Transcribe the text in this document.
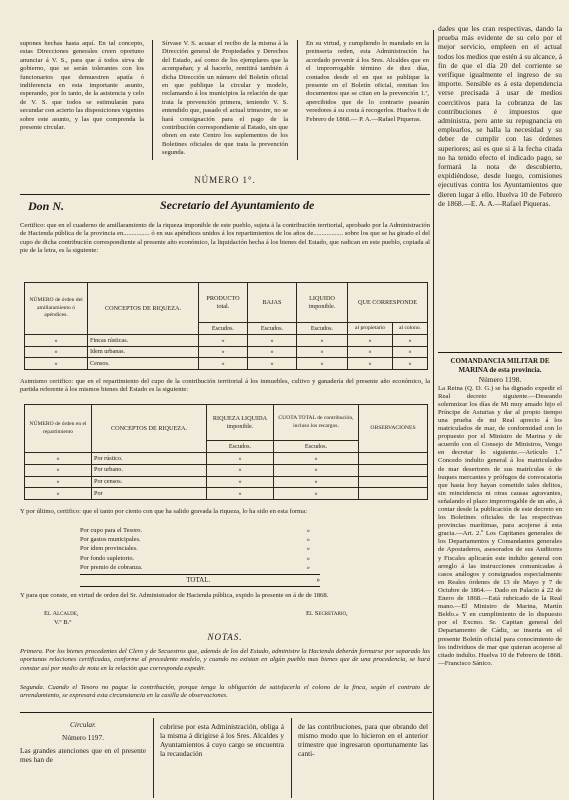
supones hechas hasta aquí. En tal concepto, estas Direcciones generales creen oportuno anunciar á V. S., para que á todos sirva de gobierno, que se serán tolerantes con los funcionarios que demuestren apatía ó indiferencia en esta importante asunto, esperando, por lo tanto, de la asistencia y celo de V. S. que todos se estimularán para secundar con acierto las disposiciones vigentes sobre este asunto, y las que comprenda la presente circular.

Sírvase V. S. acusar el recibo de la misma á la Dirección general de Propiedades y Derechos del Estado, así como de los ejemplares que la acompañan; y al hacerlo, remitirá también á dicha Dirección un número del Boletín oficial en que publique la circular y modelo, reclamando á los municipios la relación de que trata la prevención primera, teniendo V. S. entendido que, pasado el actual trimestre, no se hará consignación para el pago de la contribución correspondiente al Estado, sin que obren en este Centro los suplementos de los Boletines oficiales de que trata la prevención segunda.

En su virtud, y cumpliendo lo mandado en la preinserta orden, esta Administración ha acordado prevenir á los Sres. Alcaldes que en el improrrogable término de diez días, contados desde el en que se publique la presente en el Boletín oficial, remitan los documentos que se citan en la prevención 1.ª, apercibidos que de lo contrario pasarán veredores á su costa á recogerlos. Huelva 6 de Febrero de 1868.— P. A.—Rafael Piqueras.

dades que les cran respectivas, dando la prueba más evidente de su celo por el mejor servicio, empleen en el actual todos los medios que estén á su alcance, á fin de que el día 20 del corriente se verifique igualmente el ingreso de su importe. Sensible es á esta dependencia verse precisada á usar de medios coercitivos para la cobranza de las contribuciones é impuestos que administra, pero ante su repugnancia en emplearlos, se halla la necesidad y su deber de cumplir con las órdenes superiores; así es que si á la fecha citada no ha tenido efecto el indicado pago, se formará la nota de descubierto, expidiéndose, desde luego, comisiones ejecutivas contra los Ayuntamientos que dieren lugar á ello. Huelva 10 de Febrero de 1868.—E. A. A.—Rafael Piqueras.

COMANDANCIA MILITAR DE MARINA de esta provincia.

Número 1198.

La Reina (Q. D. G.) se ha dignado expedir el Real decreto siguiente.—Deseando solemnizar los días de Mi muy amado hijo el Príncipe de Asturias y dar al propio tiempo una prueba de mi Real aprecio á los matriculados de mar, de conformidad con lo propuesto por el Ministro de Marina y de acuerdo con el Consejo de Ministros, Vengo en decretar lo siguiente.—Artículo 1.º Concedo indulto general á los matriculados de mar desertores de sus matrículas ó de buques mercantes y prófugos de convocatoria que hasta hoy hayan cometido tales delitos, sin reincidencia ni otras causas agravantes, señalando el plazo improrrogable de un año, á contar desde la publicación de este decreto en los Boletines oficiales de las respectivas provincias marítimas, para acojerse á esta gracia.—Art. 2.º Los Capitanes generales de los Departamentos y Comandantes generales de Apostaderos, asesorados de sus Auditores y Fiscales aplicarán este indulto general con arreglo á las instrucciones comunicadas á casos análogos y consignados especialmente en Reales órdenes de 13 de Mayo y 7 de Octubre de 1864.— Dado en Palacio á 22 de Enero de 1868.—Está rubricado de la Real mano.—El Ministro de Marina, Martín Beldo.» Y en cumplimiento de lo dispuesto por el Excmo. Sr. Capitan general del Departamento de Cádiz, se inserta en el presente Boletín oficial para conocimiento de los individuos de mar que quieran acojerse al citado indulto. Huelva 10 de Febrero de 1868.—Francisco Sánico.

NÚMERO 1°.
Don N.	Secretario del Ayuntamiento de

Certifico: que en el cuaderno de amillaramiento de la riqueza imponible de este pueblo, sujeta á la contribución territorial, aprobado por la Administración de Hacienda pública de la provincia en................ ó en sus apéndices unidos á los repartimientos de los años de.................. sobre los que se ha girado el del cupo de dicha contribución correspondiente al presente año económico, la liquidación hecha á los bienes del Estado, que radican en este pueblo, copiada al pie de la letra, es la siguiente:

NÚMERO de órden del amillaramiento ó apéndices.	CONCEPTOS DE RIQUEZA.	PRODUCTO total.	BAJAS	LIQUIDO imponible.	QUE CORRESPONDE	
		Escudos.	Escudos.	Escudos.	al propietario	al colono.
»	Fincas rústicas.	»	»	»	»	»
»	Idem urbanas.	»	»	»	»	»
»	Censos.	»	»	»	»	»

Asimismo certifico: que en el repartimiento del cupo de la contribución territorial á los inmuebles, cultivo y ganadería del presente año económico, la partida referente á los mismos bienes del Estado es la siguiente:

NÚMERO de órden en el repartimiento	CONCEPTOS DE RIQUEZA.	RIQUEZA LIQUIDA imponible.	CUOTA TOTAL de contribución, incluso los recargos.	OBSERVACIONES
		Escudos.	Escudos.	
»	Por rústico.	»	»	
»	Por urbano.	»	»	
»	Por censos.	»	»	
»	Por	»	»	

Y por último, certifico: que el tanto por ciento con que ha salido gravada la riqueza, lo ha sido en esta forma:

Por cupo para el Tesoro.	»
Por gastos municipales.	»
Por ídem provinciales.	»
Por fondo supletorio.	»
Por premio de cobranza.	»
TOTAL.	»

Y para que conste, en virtud de orden del Sr. Administrador de Hacienda pública, expido la presente en á de de 1868.

El Alcalde,
V.º B.º
El Secretario,
NOTAS.

Primera. Por los bienes procedentes del Clero y de Secuestros que, además de los del Estado, administre la Hacienda deberán formarse por separado las oportunas relaciones certificadas, conforme al precedente modelo, y cuando no existan en algún pueblo mas bienes que de una procedencia, se hará constar así por medio de nota en la relación que corresponda expedir.

Segunda. Cuando el Tesoro no pague la contribución, porque tenga la obligación de satisfacerla el colono de la finca, según el contrato de arrendamiento, se expresará esta circunstancia en la casilla de observaciones.

Circular.

Número 1197.

Las grandes atenciones que en el presente mes han de

cubrirse por esta Administración, obliga á la misma á dirigirse á los Sres. Alcaldes y Ayuntamientos á cuyo cargo se encuentra la recaudación

de las contribuciones, para que obrando del mismo modo que lo hicieron en el anterior trimestre que ingresaron oportunamente las canti-
